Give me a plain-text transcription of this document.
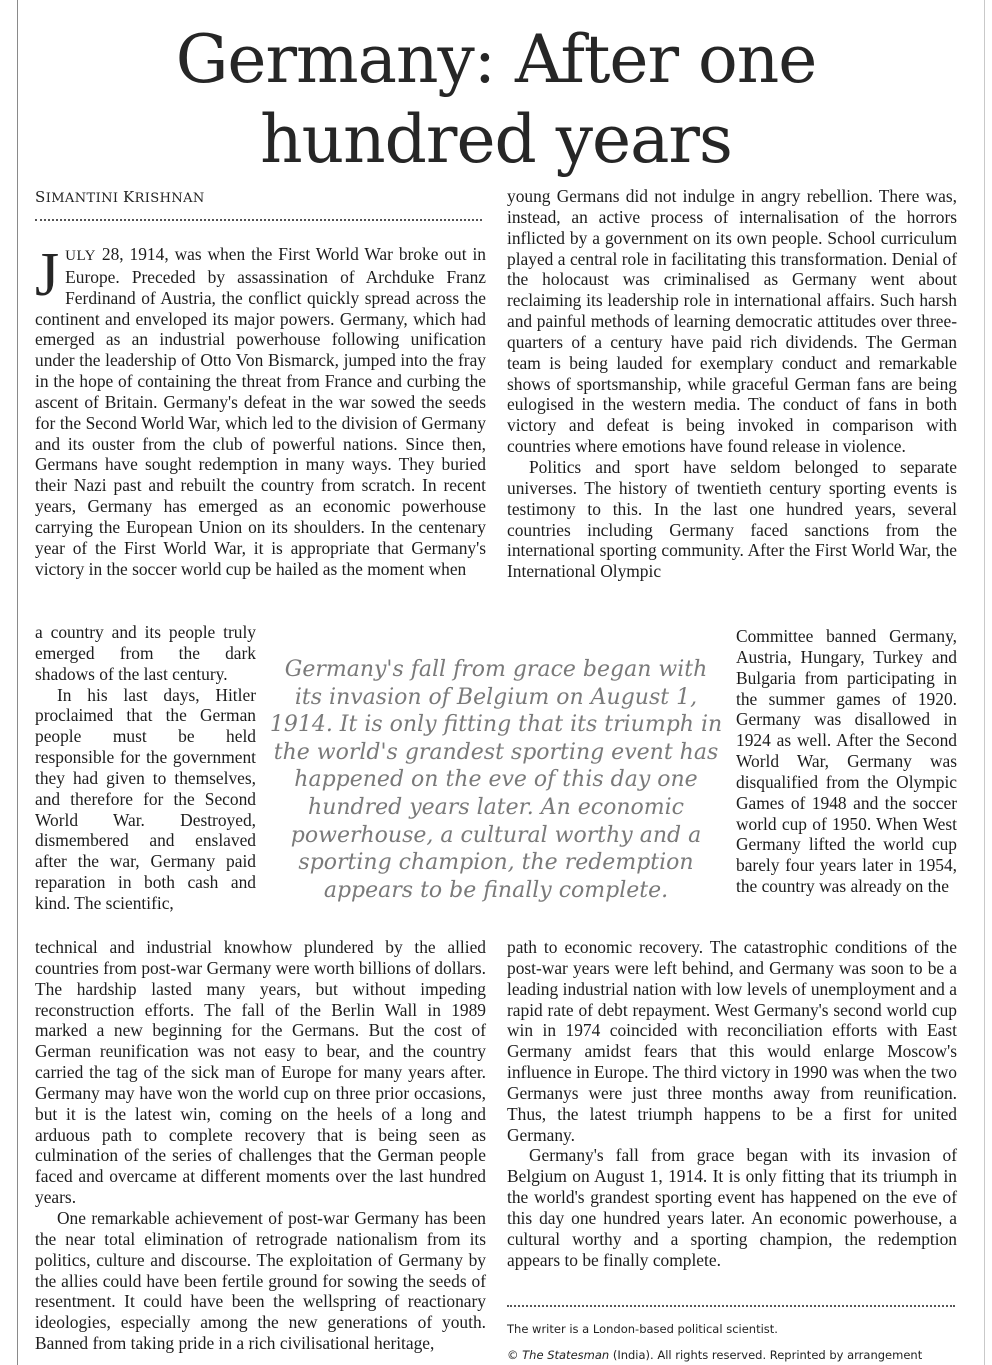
Germany: After one hundred years
SIMANTINI KRISHNAN

JULY 28, 1914, was when the First World War broke out in Europe. Preceded by assassination of Archduke Franz Ferdinand of Austria, the conflict quickly spread across the continent and enveloped its major powers. Germany, which had emerged as an industrial powerhouse following unification under the leadership of Otto Von Bismarck, jumped into the fray in the hope of containing the threat from France and curbing the ascent of Britain. Germany's defeat in the war sowed the seeds for the Second World War, which led to the division of Germany and its ouster from the club of powerful nations. Since then, Germans have sought redemption in many ways. They buried their Nazi past and rebuilt the country from scratch. In recent years, Germany has emerged as an economic powerhouse carrying the European Union on its shoulders. In the centenary year of the First World War, it is appropriate that Germany's victory in the soccer world cup be hailed as the moment when

a country and its people truly emerged from the dark shadows of the last century.

In his last days, Hitler proclaimed that the German people must be held responsible for the government they had given to themselves, and therefore for the Second World War. Destroyed, dismembered and enslaved after the war, Germany paid reparation in both cash and kind. The scientific,

technical and industrial knowhow plundered by the allied countries from post-war Germany were worth billions of dollars. The hardship lasted many years, but without impeding reconstruction efforts. The fall of the Berlin Wall in 1989 marked a new beginning for the Germans. But the cost of German reunification was not easy to bear, and the country carried the tag of the sick man of Europe for many years after. Germany may have won the world cup on three prior occasions, but it is the latest win, coming on the heels of a long and arduous path to complete recovery that is being seen as culmination of the series of challenges that the German people faced and overcame at different moments over the last hundred years.

One remarkable achievement of post-war Germany has been the near total elimination of retrograde nationalism from its politics, culture and discourse. The exploitation of Germany by the allies could have been fertile ground for sowing the seeds of resentment. It could have been the wellspring of reactionary ideologies, especially among the new generations of youth. Banned from taking pride in a rich civilisational heritage,

Germany's fall from grace began with its invasion of Belgium on August 1, 1914. It is only fitting that its triumph in the world's grandest sporting event has happened on the eve of this day one hundred years later. An economic powerhouse, a cultural worthy and a sporting champion, the redemption appears to be finally complete.

young Germans did not indulge in angry rebellion. There was, instead, an active process of internalisation of the horrors inflicted by a government on its own people. School curriculum played a central role in facilitating this transformation. Denial of the holocaust was criminalised as Germany went about reclaiming its leadership role in international affairs. Such harsh and painful methods of learning democratic attitudes over three-quarters of a century have paid rich dividends. The German team is being lauded for exemplary conduct and remarkable shows of sportsmanship, while graceful German fans are being eulogised in the western media. The conduct of fans in both victory and defeat is being invoked in comparison with countries where emotions have found release in violence.

Politics and sport have seldom belonged to separate universes. The history of twentieth century sporting events is testimony to this. In the last one hundred years, several countries including Germany faced sanctions from the international sporting community. After the First World War, the International Olympic

Committee banned Germany, Austria, Hungary, Turkey and Bulgaria from participating in the summer games of 1920. Germany was disallowed in 1924 as well. After the Second World War, Germany was disqualified from the Olympic Games of 1948 and the soccer world cup of 1950. When West Germany lifted the world cup barely four years later in 1954, the country was already on the

path to economic recovery. The catastrophic conditions of the post-war years were left behind, and Germany was soon to be a leading industrial nation with low levels of unemployment and a rapid rate of debt repayment. West Germany's second world cup win in 1974 coincided with reconciliation efforts with East Germany amidst fears that this would enlarge Moscow's influence in Europe. The third victory in 1990 was when the two Germanys were just three months away from reunification. Thus, the latest triumph happens to be a first for united Germany.

Germany's fall from grace began with its invasion of Belgium on August 1, 1914. It is only fitting that its triumph in the world's grandest sporting event has happened on the eve of this day one hundred years later. An economic powerhouse, a cultural worthy and a sporting champion, the redemption appears to be finally complete.

The writer is a London-based political scientist.
© The Statesman (India). All rights reserved. Reprinted by arrangement
